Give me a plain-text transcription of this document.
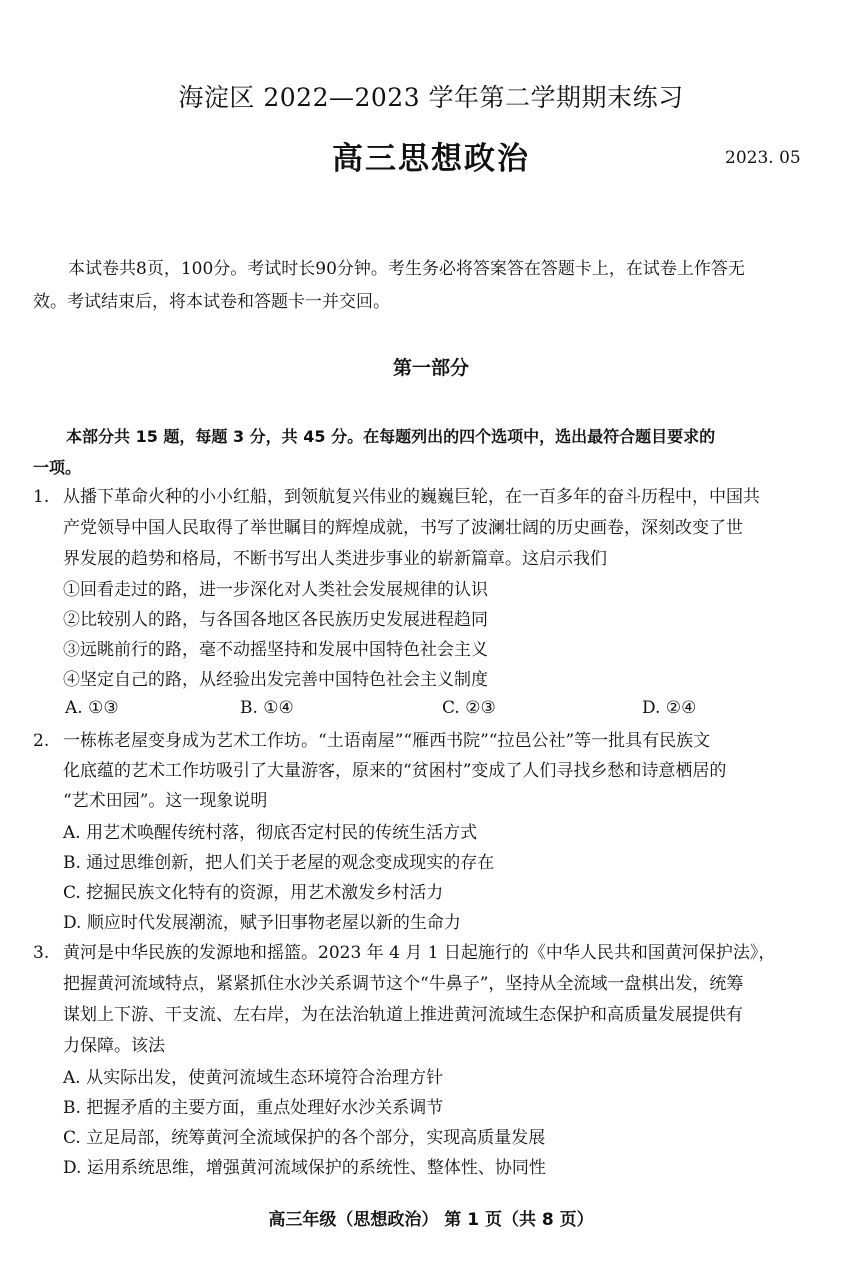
海淀区 2022—2023 学年第二学期期末练习
高三思想政治	2023. 05
本试卷共8页，100分。考试时长90分钟。考生务必将答案答在答题卡上，在试卷上作答无
效。考试结束后，将本试卷和答题卡一并交回。
第一部分
本部分共 15 题，每题 3 分，共 45 分。在每题列出的四个选项中，选出最符合题目要求的
一项。
1. 从播下革命火种的小小红船，到领航复兴伟业的巍巍巨轮，在一百多年的奋斗历程中，中国共
产党领导中国人民取得了举世瞩目的辉煌成就，书写了波澜壮阔的历史画卷，深刻改变了世
界发展的趋势和格局，不断书写出人类进步事业的崭新篇章。这启示我们
①回看走过的路，进一步深化对人类社会发展规律的认识
②比较别人的路，与各国各地区各民族历史发展进程趋同
③远眺前行的路，毫不动摇坚持和发展中国特色社会主义
④坚定自己的路，从经验出发完善中国特色社会主义制度
A. ①③	B. ①④	C. ②③	D. ②④
2. 一栋栋老屋变身成为艺术工作坊。“土语南屋”“雁西书院”“拉邑公社”等一批具有民族文
化底蕴的艺术工作坊吸引了大量游客，原来的“贫困村”变成了人们寻找乡愁和诗意栖居的
“艺术田园”。这一现象说明
A. 用艺术唤醒传统村落，彻底否定村民的传统生活方式
B. 通过思维创新，把人们关于老屋的观念变成现实的存在
C. 挖掘民族文化特有的资源，用艺术激发乡村活力
D. 顺应时代发展潮流，赋予旧事物老屋以新的生命力
3. 黄河是中华民族的发源地和摇篮。2023 年 4 月 1 日起施行的《中华人民共和国黄河保护法》，
把握黄河流域特点，紧紧抓住水沙关系调节这个“牛鼻子”，坚持从全流域一盘棋出发，统筹
谋划上下游、干支流、左右岸，为在法治轨道上推进黄河流域生态保护和高质量发展提供有
力保障。该法
A. 从实际出发，使黄河流域生态环境符合治理方针
B. 把握矛盾的主要方面，重点处理好水沙关系调节
C. 立足局部，统筹黄河全流域保护的各个部分，实现高质量发展
D. 运用系统思维，增强黄河流域保护的系统性、整体性、协同性
高三年级（思想政治） 第 1 页（共 8 页）
